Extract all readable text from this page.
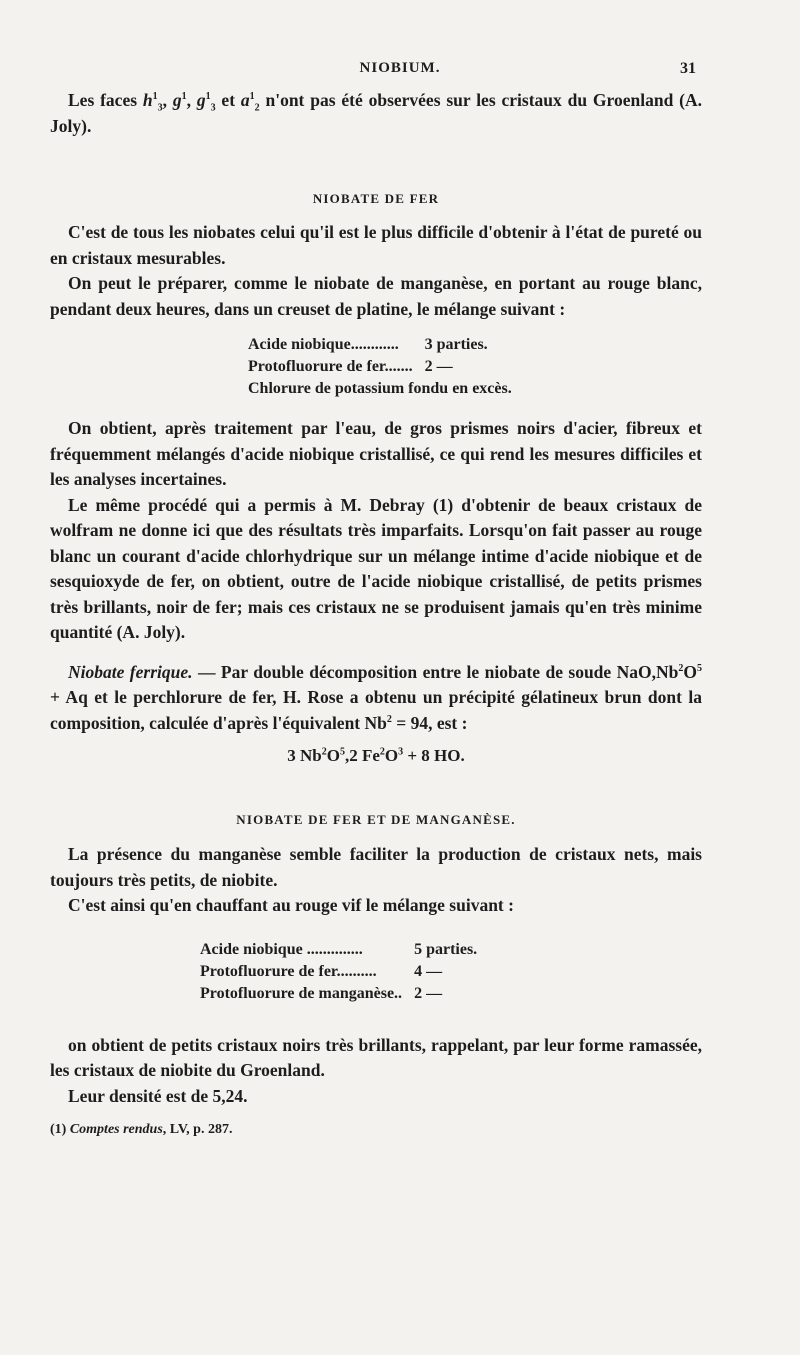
NIOBIUM.	31

Les faces $h^1_3$, $g^1$, $g^1_3$ et $a^1_2$ n'ont pas été observées sur les cristaux du Groenland (A. Joly).

NIOBATE DE FER

C'est de tous les niobates celui qu'il est le plus difficile d'obtenir à l'état de pureté ou en cristaux mesurables.

On peut le préparer, comme le niobate de manganèse, en portant au rouge blanc, pendant deux heures, dans un creuset de platine, le mélange suivant :

Acide niobique............	3 parties.
Protofluorure de fer.......	2 —
Chlorure de potassium fondu en excès.

On obtient, après traitement par l'eau, de gros prismes noirs d'acier, fibreux et fréquemment mélangés d'acide niobique cristallisé, ce qui rend les mesures difficiles et les analyses incertaines.

Le même procédé qui a permis à M. Debray (1) d'obtenir de beaux cristaux de wolfram ne donne ici que des résultats très imparfaits. Lorsqu'on fait passer au rouge blanc un courant d'acide chlorhydrique sur un mélange intime d'acide niobique et de sesquioxyde de fer, on obtient, outre de l'acide niobique cristallisé, de petits prismes très brillants, noir de fer; mais ces cristaux ne se produisent jamais qu'en très minime quantité (A. Joly).

Niobate ferrique. — Par double décomposition entre le niobate de soude $NaO,Nb^2O^5 + Aq$ et le perchlorure de fer, H. Rose a obtenu un précipité gélatineux brun dont la composition, calculée d'après l'équivalent $Nb^2 = 94$, est :

3 $Nb^2O^5,2$ $Fe^2O^3 + 8$ HO.
NIOBATE DE FER ET DE MANGANÈSE.

La présence du manganèse semble faciliter la production de cristaux nets, mais toujours très petits, de niobite.

C'est ainsi qu'en chauffant au rouge vif le mélange suivant :

Acide niobique ..............	5 parties.
Protofluorure de fer..........	4 —
Protofluorure de manganèse..	2 —

on obtient de petits cristaux noirs très brillants, rappelant, par leur forme ramassée, les cristaux de niobite du Groenland.

Leur densité est de 5,24.

(1) Comptes rendus, LV, p. 287.
